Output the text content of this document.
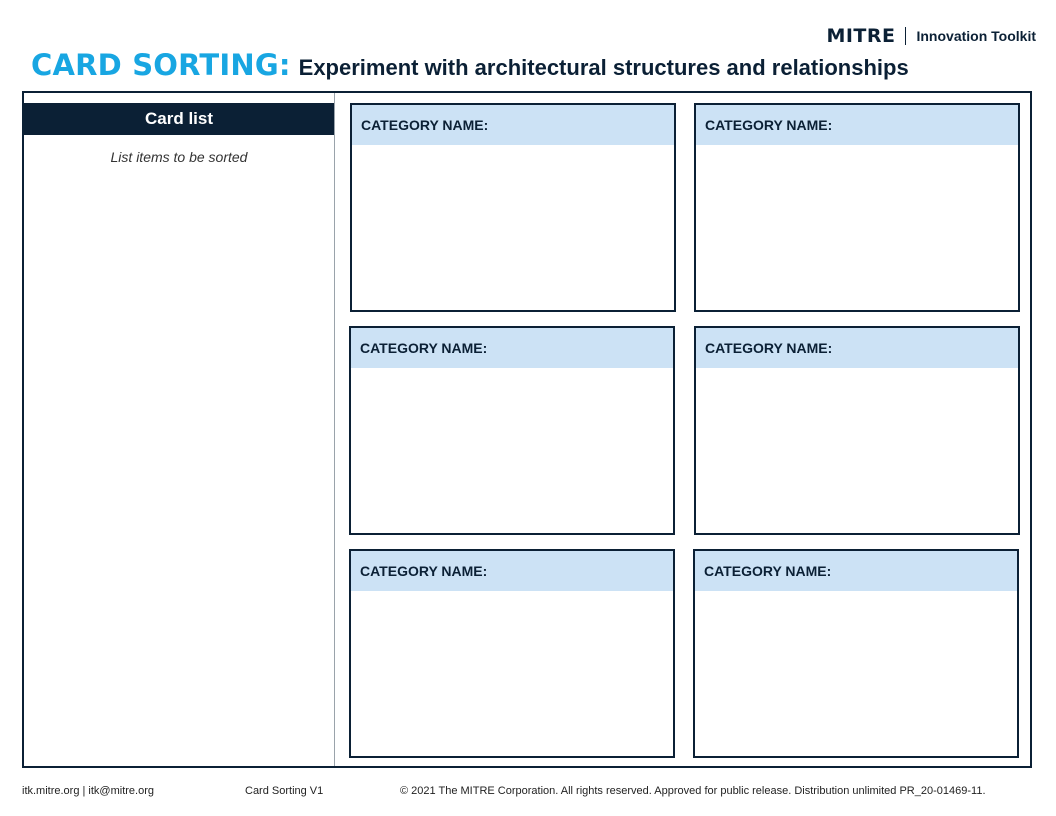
MITRE Innovation Toolkit
CARD SORTING: Experiment with architectural structures and relationships
Card list
List items to be sorted
CATEGORY NAME:	CATEGORY NAME:
CATEGORY NAME:	CATEGORY NAME:
CATEGORY NAME:	CATEGORY NAME:
itk.mitre.org | itk@mitre.org	Card Sorting V1	© 2021 The MITRE Corporation. All rights reserved. Approved for public release. Distribution unlimited PR_20-01469-11.
